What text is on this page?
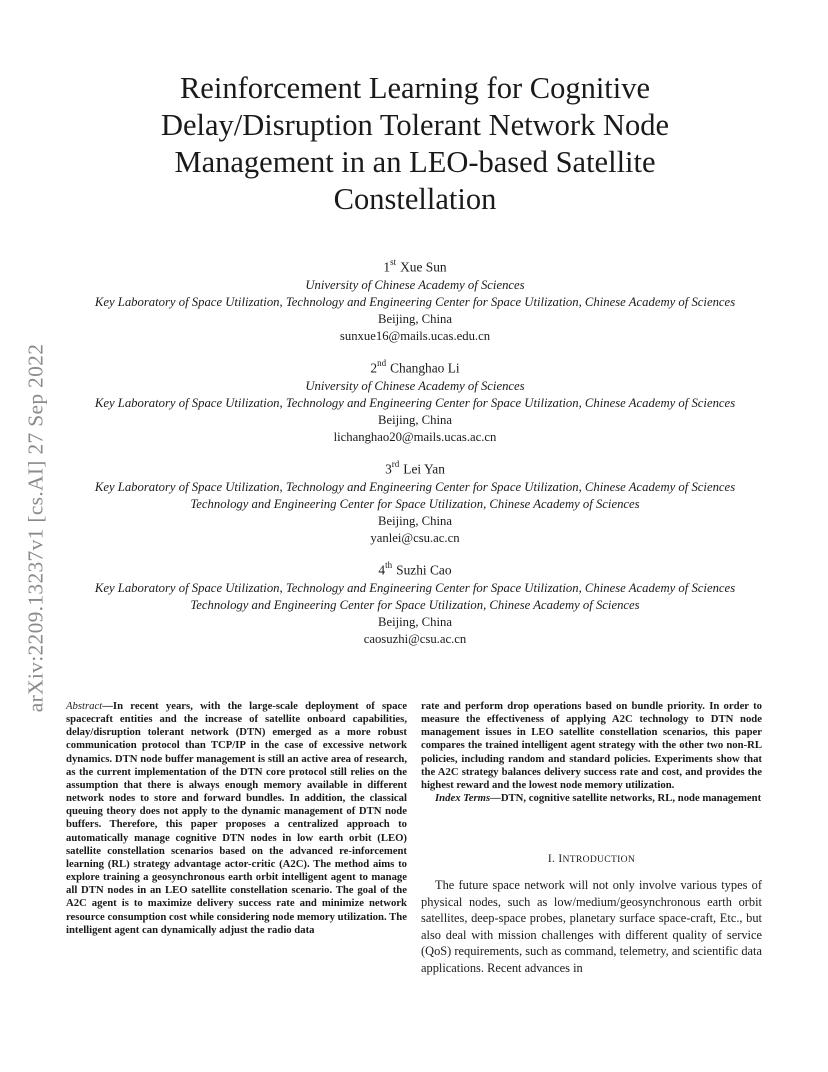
arXiv:2209.13237v1 [cs.AI] 27 Sep 2022
Reinforcement Learning for Cognitive Delay/Disruption Tolerant Network Node Management in an LEO-based Satellite Constellation
1st Xue Sun
University of Chinese Academy of Sciences
Key Laboratory of Space Utilization, Technology and Engineering Center for Space Utilization, Chinese Academy of Sciences
Beijing, China
sunxue16@mails.ucas.edu.cn
2nd Changhao Li
University of Chinese Academy of Sciences
Key Laboratory of Space Utilization, Technology and Engineering Center for Space Utilization, Chinese Academy of Sciences
Beijing, China
lichanghao20@mails.ucas.ac.cn
3rd Lei Yan
Key Laboratory of Space Utilization, Technology and Engineering Center for Space Utilization, Chinese Academy of Sciences
Technology and Engineering Center for Space Utilization, Chinese Academy of Sciences
Beijing, China
yanlei@csu.ac.cn
4th Suzhi Cao
Key Laboratory of Space Utilization, Technology and Engineering Center for Space Utilization, Chinese Academy of Sciences
Technology and Engineering Center for Space Utilization, Chinese Academy of Sciences
Beijing, China
caosuzhi@csu.ac.cn
Abstract—In recent years, with the large-scale deployment of space spacecraft entities and the increase of satellite onboard capabilities, delay/disruption tolerant network (DTN) emerged as a more robust communication protocol than TCP/IP in the case of excessive network dynamics. DTN node buffer management is still an active area of research, as the current implementation of the DTN core protocol still relies on the assumption that there is always enough memory available in different network nodes to store and forward bundles. In addition, the classical queuing theory does not apply to the dynamic management of DTN node buffers. Therefore, this paper proposes a centralized approach to automatically manage cognitive DTN nodes in low earth orbit (LEO) satellite constellation scenarios based on the advanced re-inforcement learning (RL) strategy advantage actor-critic (A2C). The method aims to explore training a geosynchronous earth orbit intelligent agent to manage all DTN nodes in an LEO satellite constellation scenario. The goal of the A2C agent is to maximize delivery success rate and minimize network resource consumption cost while considering node memory utilization. The intelligent agent can dynamically adjust the radio data
rate and perform drop operations based on bundle priority. In order to measure the effectiveness of applying A2C technology to DTN node management issues in LEO satellite constellation scenarios, this paper compares the trained intelligent agent strategy with the other two non-RL policies, including random and standard policies. Experiments show that the A2C strategy balances delivery success rate and cost, and provides the highest reward and the lowest node memory utilization.
Index Terms—DTN, cognitive satellite networks, RL, node management
I. INTRODUCTION
The future space network will not only involve various types of physical nodes, such as low/medium/geosynchronous earth orbit satellites, deep-space probes, planetary surface space-craft, Etc., but also deal with mission challenges with different quality of service (QoS) requirements, such as command, telemetry, and scientific data applications. Recent advances in
